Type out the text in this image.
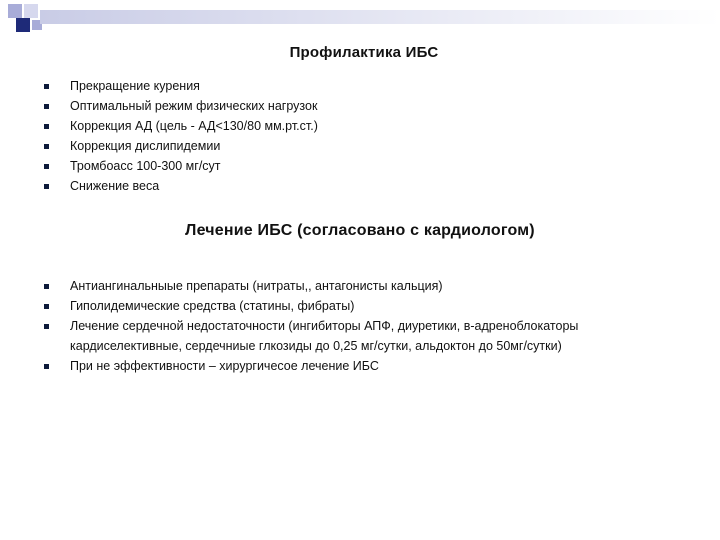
Профилактика ИБС
Прекращение курения
Оптимальный режим физических нагрузок
Коррекция АД (цель - АД<130/80 мм.рт.ст.)
Коррекция дислипидемии
Тромбоасс 100-300 мг/сут
Снижение веса
Лечение ИБС (согласовано с кардиологом)
Антиангинальныые препараты (нитраты,, антагонисты кальция)
Гиполидемические средства (статины, фибраты)
Лечение сердечной недостаточности (ингибиторы АПФ, диуретики, в-адреноблокаторы кардиселективные, сердечниые глкозиды до 0,25 мг/сутки, альдоктон до 50мг/сутки)
При не эффективности – хирургичесое лечение ИБС
